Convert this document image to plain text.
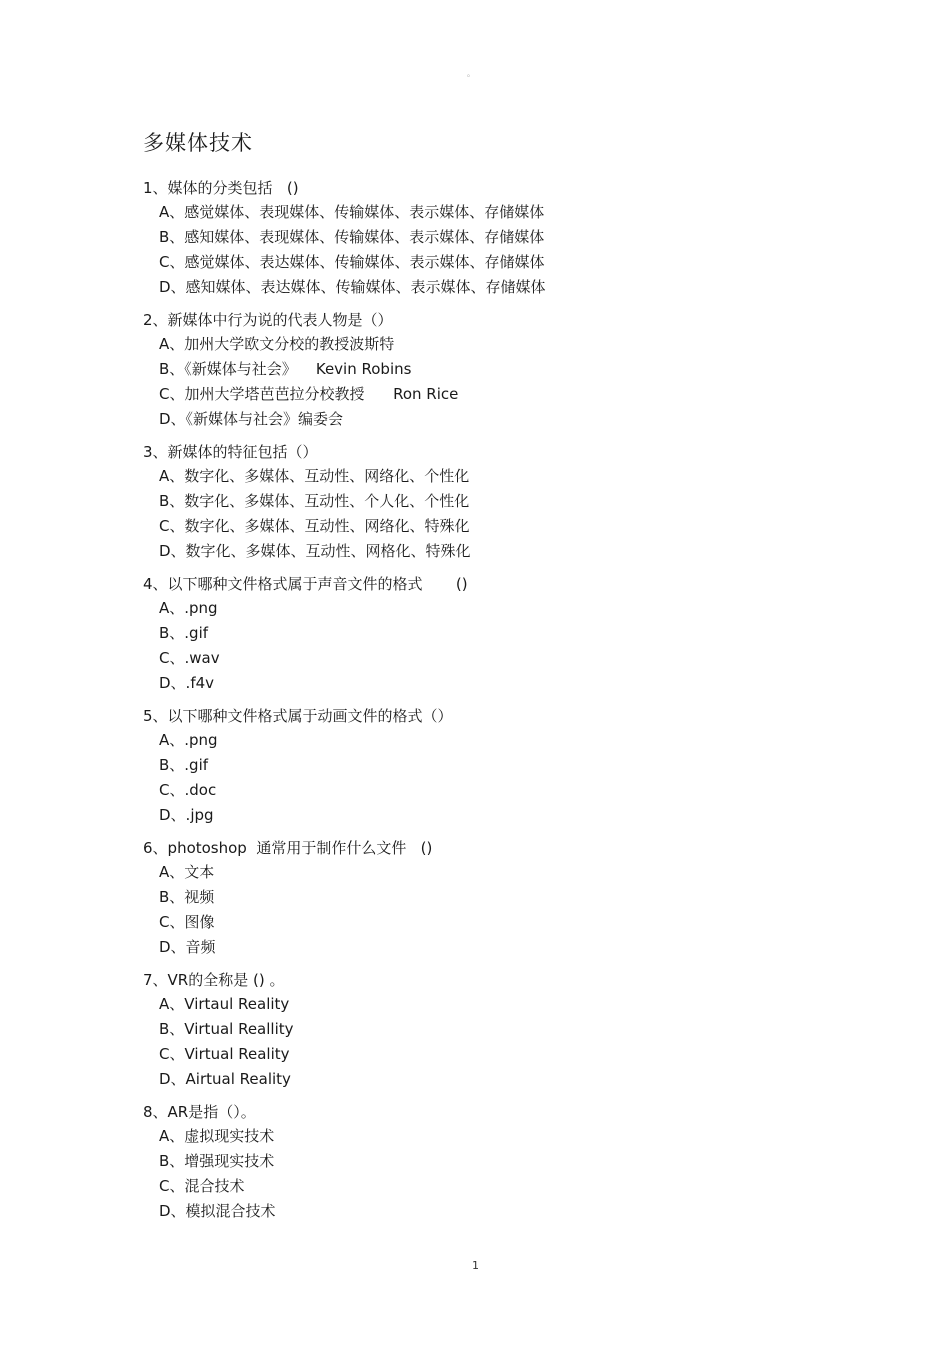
。
多媒体技术
1、媒体的分类包括   ()
A、感觉媒体、表现媒体、传输媒体、表示媒体、存储媒体
B、感知媒体、表现媒体、传输媒体、表示媒体、存储媒体
C、感觉媒体、表达媒体、传输媒体、表示媒体、存储媒体
D、感知媒体、表达媒体、传输媒体、表示媒体、存储媒体
2、新媒体中行为说的代表人物是（）
A、加州大学欧文分校的教授波斯特
B、《新媒体与社会》    Kevin Robins
C、加州大学塔芭芭拉分校教授      Ron Rice
D、《新媒体与社会》编委会
3、新媒体的特征包括（）
A、数字化、多媒体、互动性、网络化、个性化
B、数字化、多媒体、互动性、个人化、个性化
C、数字化、多媒体、互动性、网络化、特殊化
D、数字化、多媒体、互动性、网格化、特殊化
4、以下哪种文件格式属于声音文件的格式       ()
A、.png
B、.gif
C、.wav
D、.f4v
5、以下哪种文件格式属于动画文件的格式（）
A、.png
B、.gif
C、.doc
D、.jpg
6、photoshop  通常用于制作什么文件   ()
A、文本
B、视频
C、图像
D、音频
7、VR的全称是 () 。
A、Virtaul Reality
B、Virtual Reallity
C、Virtual Reality
D、Airtual Reality
8、AR是指（）。
A、虚拟现实技术
B、增强现实技术
C、混合技术
D、模拟混合技术
1
